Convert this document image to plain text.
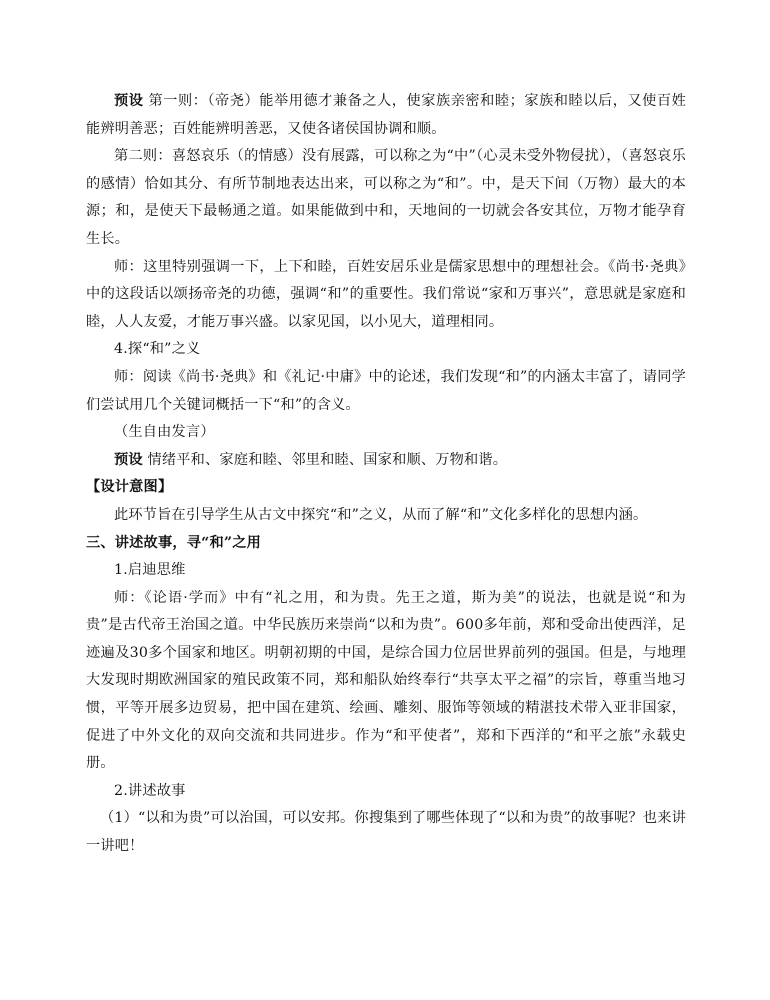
预设 第一则：（帝尧）能举用德才兼备之人，使家族亲密和睦；家族和睦以后，又使百姓能辨明善恶；百姓能辨明善恶，又使各诸侯国协调和顺。

第二则：喜怒哀乐（的情感）没有展露，可以称之为“中”（心灵未受外物侵扰），（喜怒哀乐的感情）恰如其分、有所节制地表达出来，可以称之为“和”。中，是天下间（万物）最大的本源；和，是使天下最畅通之道。如果能做到中和，天地间的一切就会各安其位，万物才能孕育生长。

师：这里特别强调一下，上下和睦，百姓安居乐业是儒家思想中的理想社会。《尚书·尧典》中的这段话以颂扬帝尧的功德，强调“和”的重要性。我们常说“家和万事兴”，意思就是家庭和睦，人人友爱，才能万事兴盛。以家见国，以小见大，道理相同。

4.探“和”之义

师：阅读《尚书·尧典》和《礼记·中庸》中的论述，我们发现“和”的内涵太丰富了，请同学们尝试用几个关键词概括一下“和”的含义。

（生自由发言）

预设 情绪平和、家庭和睦、邻里和睦、国家和顺、万物和谐。

【设计意图】

此环节旨在引导学生从古文中探究“和”之义，从而了解“和”文化多样化的思想内涵。

三、讲述故事，寻“和”之用

1.启迪思维

师：《论语·学而》中有“礼之用，和为贵。先王之道，斯为美”的说法，也就是说“和为贵”是古代帝王治国之道。中华民族历来崇尚“以和为贵”。600多年前，郑和受命出使西洋，足迹遍及30多个国家和地区。明朝初期的中国，是综合国力位居世界前列的强国。但是，与地理大发现时期欧洲国家的殖民政策不同，郑和船队始终奉行“共享太平之福”的宗旨，尊重当地习惯，平等开展多边贸易，把中国在建筑、绘画、雕刻、服饰等领域的精湛技术带入亚非国家，促进了中外文化的双向交流和共同进步。作为“和平使者”，郑和下西洋的“和平之旅”永载史册。

2.讲述故事

（1）“以和为贵”可以治国，可以安邦。你搜集到了哪些体现了“以和为贵”的故事呢？也来讲一讲吧！
